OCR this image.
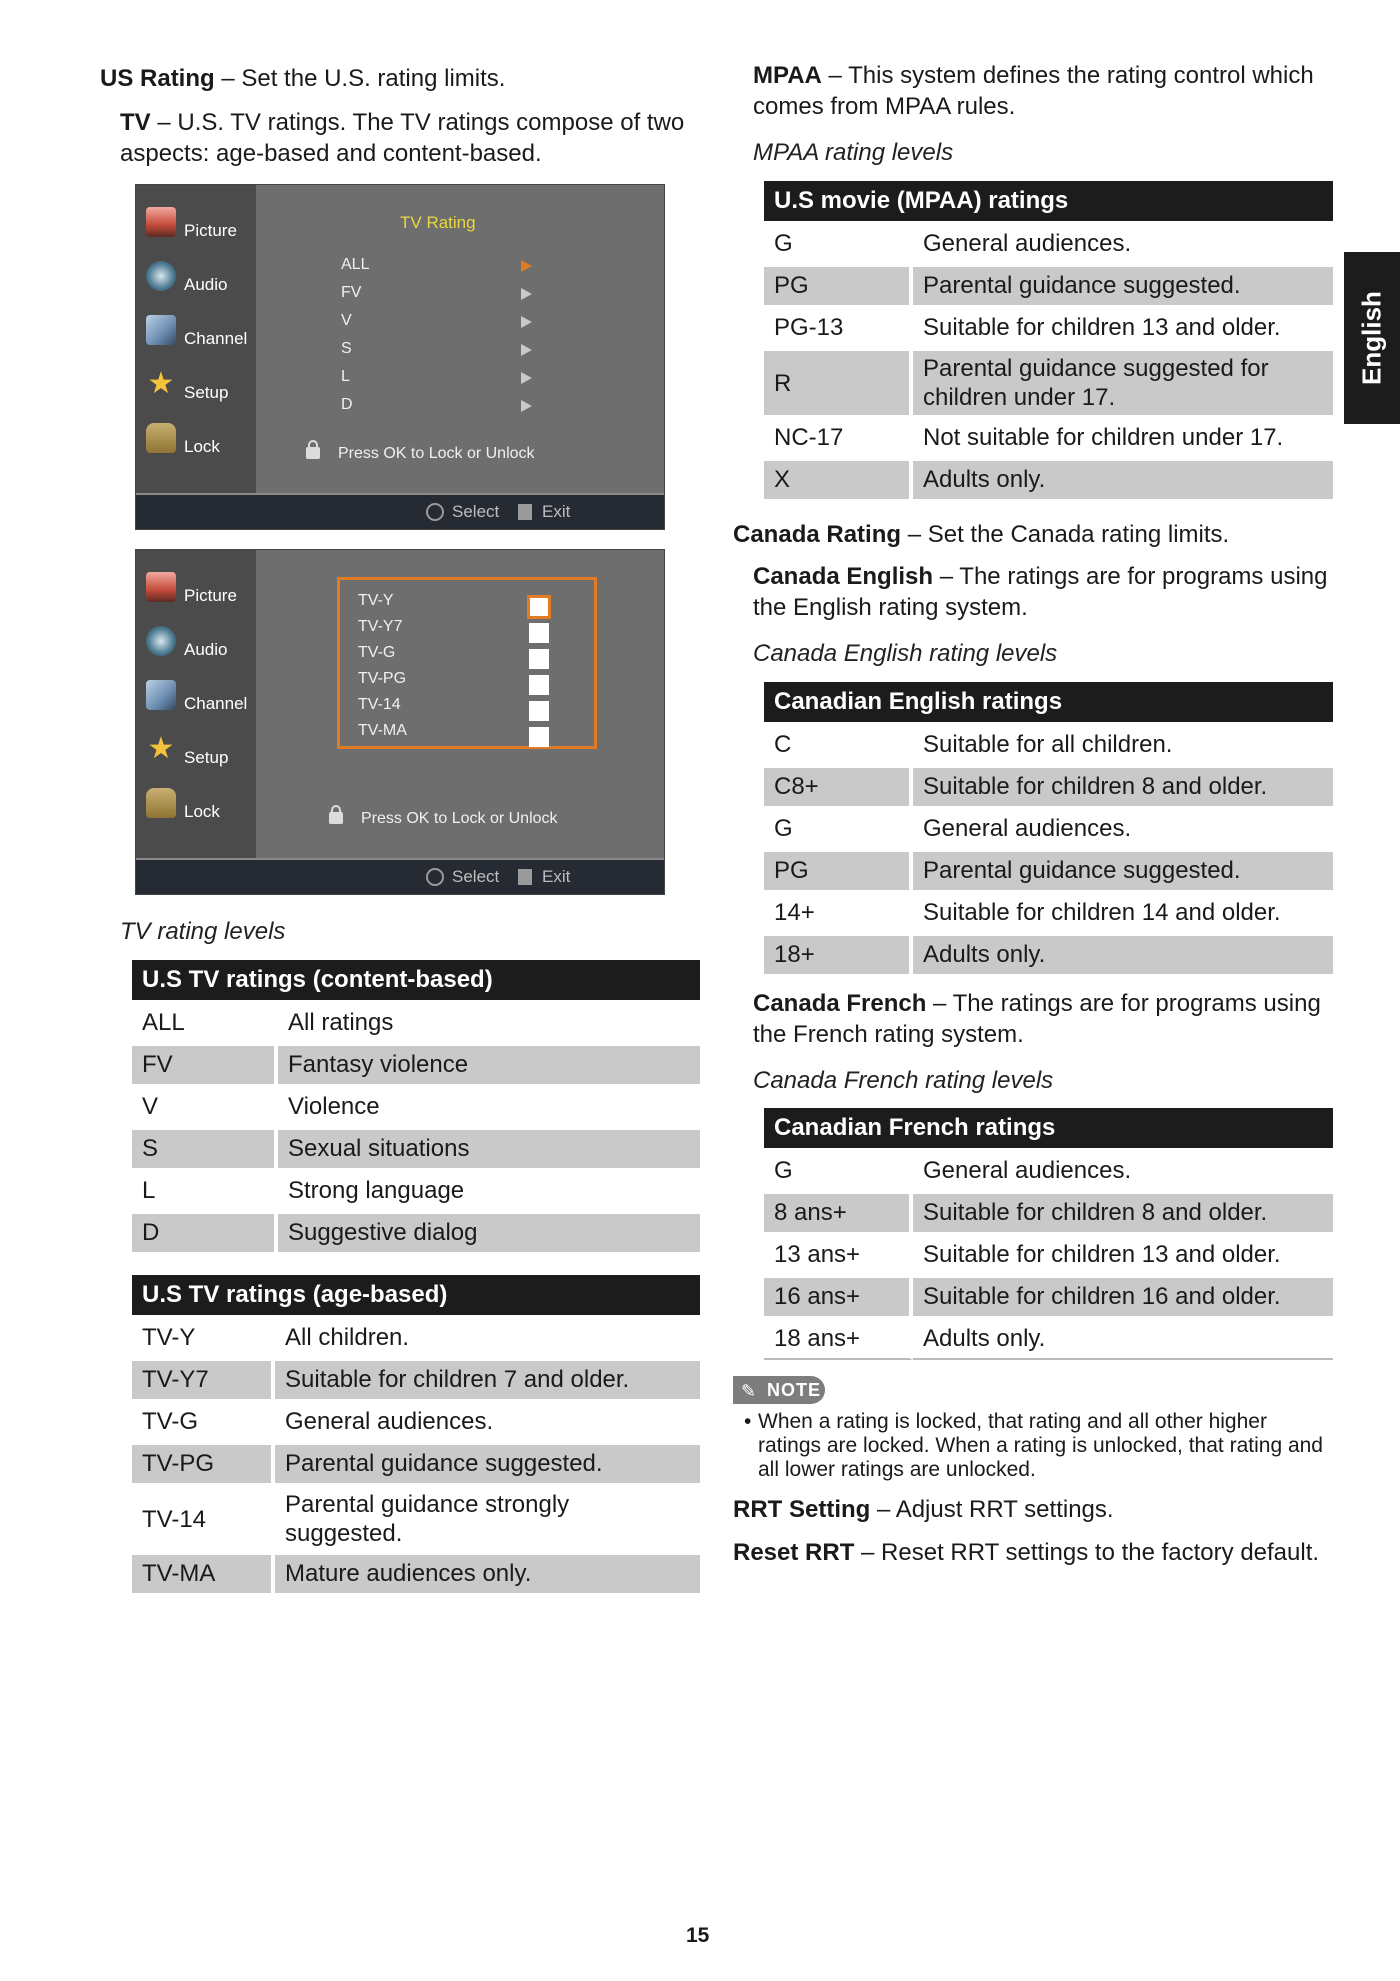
US Rating – Set the U.S. rating limits.
TV – U.S. TV ratings. The TV ratings compose of two aspects: age-based and content-based.
Picture
Audio
Channel
★ Setup
Lock
TV Rating
ALL
FV
V
S
L
D
Press OK to Lock or Unlock
Select	Exit
Picture
Audio
Channel
★ Setup
Lock
TV-Y
TV-Y7
TV-G
TV-PG
TV-14
TV-MA
Press OK to Lock or Unlock
Select	Exit
TV rating levels
U.S TV ratings (content-based)	
ALL	All ratings
FV	Fantasy violence
V	Violence
S	Sexual situations
L	Strong language
D	Suggestive dialog
U.S TV ratings (age-based)	
TV-Y	All children.
TV-Y7	Suitable for children 7 and older.
TV-G	General audiences.
TV-PG	Parental guidance suggested.
TV-14	Parental guidance strongly suggested.
TV-MA	Mature audiences only.
MPAA – This system defines the rating control which comes from MPAA rules.
MPAA rating levels
U.S movie (MPAA) ratings	
G	General audiences.
PG	Parental guidance suggested.
PG-13	Suitable for children 13 and older.
R	Parental guidance suggested for children under 17.
NC-17	Not suitable for children under 17.
X	Adults only.
Canada Rating – Set the Canada rating limits.
Canada English – The ratings are for programs using the English rating system.
Canada English rating levels
Canadian English ratings	
C	Suitable for all children.
C8+	Suitable for children 8 and older.
G	General audiences.
PG	Parental guidance suggested.
14+	Suitable for children 14 and older.
18+	Adults only.
Canada French – The ratings are for programs using the French rating system.
Canada French rating levels
Canadian French ratings	
G	General audiences.
8 ans+	Suitable for children 8 and older.
13 ans+	Suitable for children 13 and older.
16 ans+	Suitable for children 16 and older.
18 ans+	Adults only.
✎ NOTE
• When a rating is locked, that rating and all other higher ratings are locked. When a rating is unlocked, that rating and all lower ratings are unlocked.
RRT Setting – Adjust RRT settings.
Reset RRT – Reset RRT settings to the factory default.
English
15
